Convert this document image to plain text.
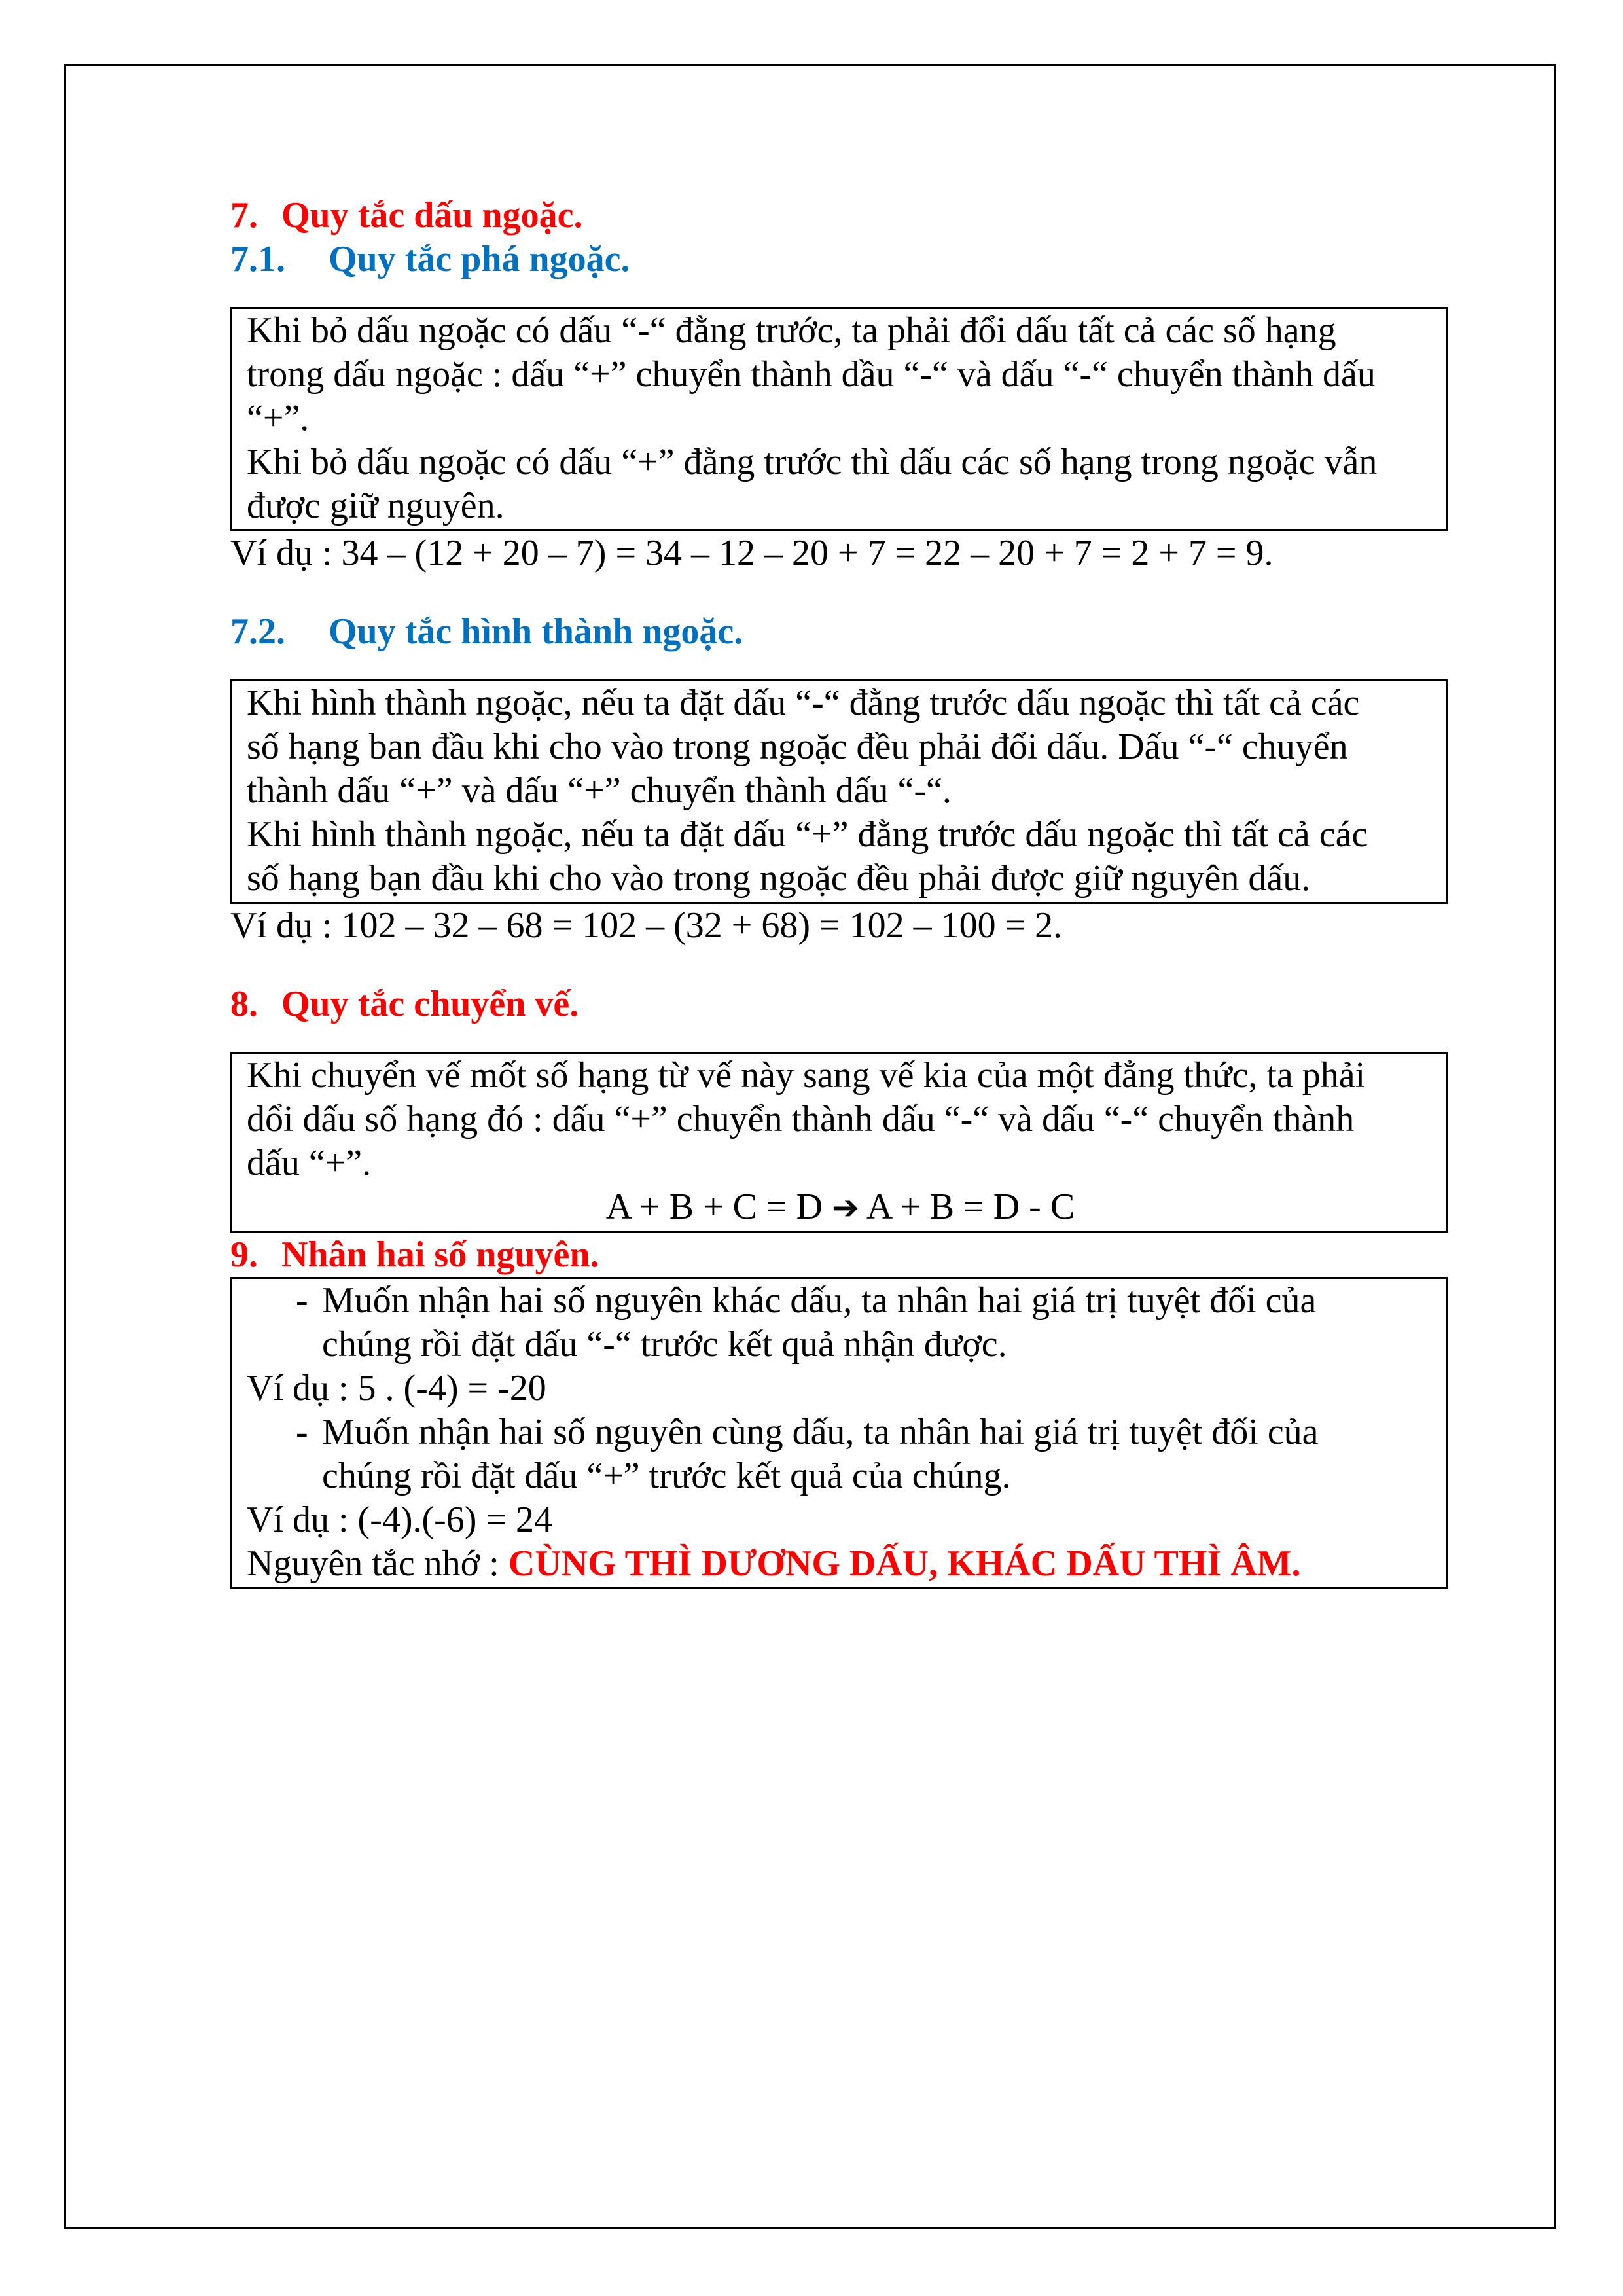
7. Quy tắc dấu ngoặc.
7.1. Quy tắc phá ngoặc.

Khi bỏ dấu ngoặc có dấu “-“ đằng trước, ta phải đổi dấu tất cả các số hạng

trong dấu ngoặc : dấu “+” chuyển thành dầu “-“ và dấu “-“ chuyển thành dấu

“+”.

Khi bỏ dấu ngoặc có dấu “+” đằng trước thì dấu các số hạng trong ngoặc vẫn

được giữ nguyên.

Ví dụ : 34 – (12 + 20 – 7) = 34 – 12 – 20 + 7 = 22 – 20 + 7 = 2 + 7 = 9.

7.2. Quy tắc hình thành ngoặc.

Khi hình thành ngoặc, nếu ta đặt dấu “-“ đằng trước dấu ngoặc thì tất cả các

số hạng ban đầu khi cho vào trong ngoặc đều phải đổi dấu. Dấu “-“ chuyển

thành dấu “+” và dấu “+” chuyển thành dấu “-“.

Khi hình thành ngoặc, nếu ta đặt dấu “+” đằng trước dấu ngoặc thì tất cả các

số hạng bạn đầu khi cho vào trong ngoặc đều phải được giữ nguyên dấu.

Ví dụ : 102 – 32 – 68 = 102 – (32 + 68) = 102 – 100 = 2.

8. Quy tắc chuyển vế.

Khi chuyển vế mốt số hạng từ vế này sang vế kia của một đẳng thức, ta phải

dổi dấu số hạng đó : dấu “+” chuyển thành dấu “-“ và dấu “-“ chuyển thành

dấu “+”.

A + B + C = D ➔ A + B = D - C

9. Nhân hai số nguyên.
- Muốn nhận hai số nguyên khác dấu, ta nhân hai giá trị tuyệt đối của
chúng rồi đặt dấu “-“ trước kết quả nhận được.

Ví dụ : 5 . (-4) = -20

- Muốn nhận hai số nguyên cùng dấu, ta nhân hai giá trị tuyệt đối của
chúng rồi đặt dấu “+” trước kết quả của chúng.

Ví dụ : (-4).(-6) = 24

Nguyên tắc nhớ : CÙNG THÌ DƯƠNG DẤU, KHÁC DẤU THÌ ÂM.
